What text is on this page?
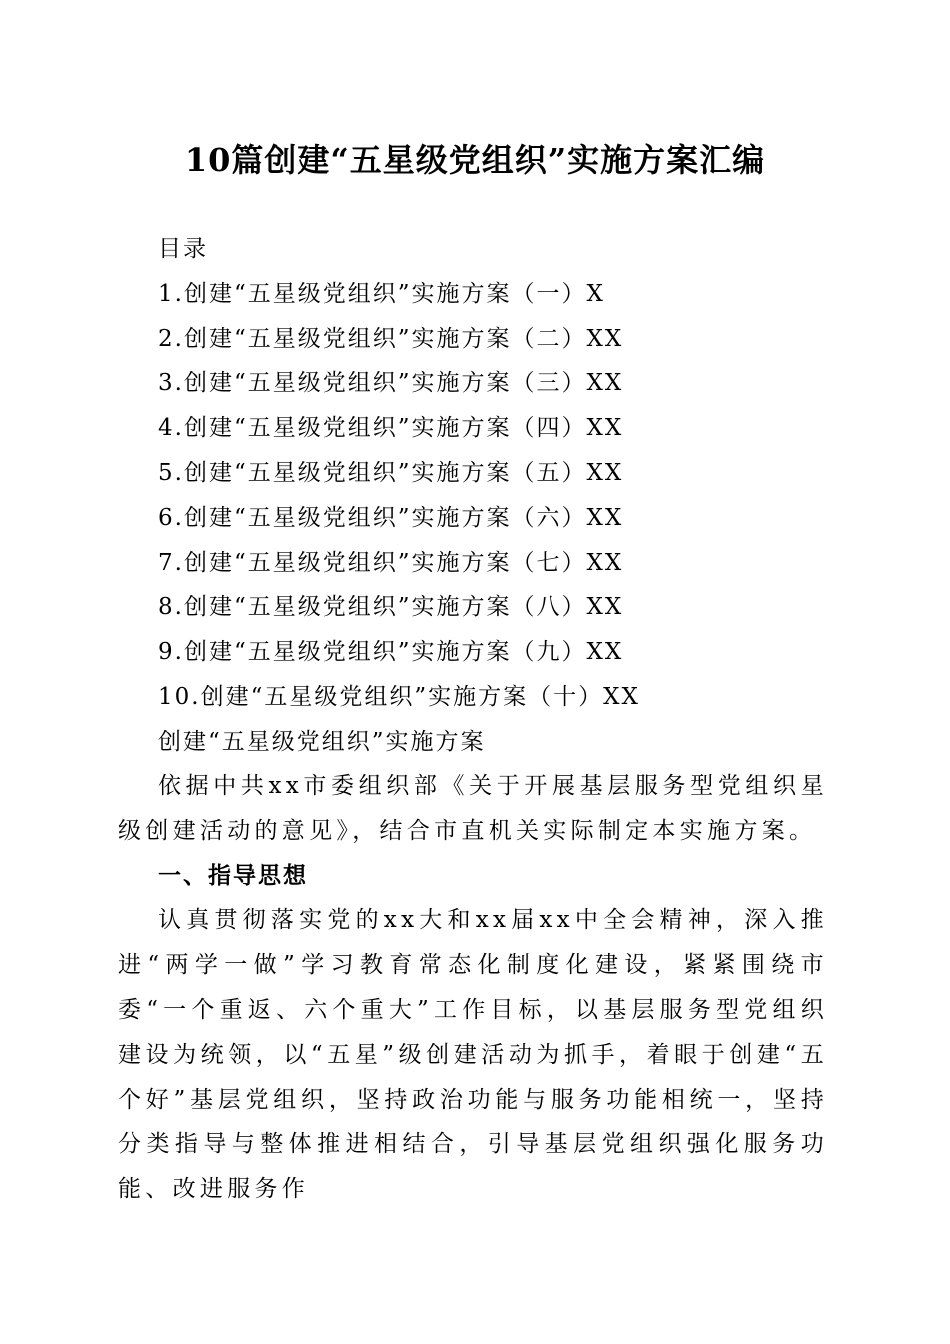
10篇创建“五星级党组织”实施方案汇编
目录
1.创建“五星级党组织”实施方案（一）X
2.创建“五星级党组织”实施方案（二）XX
3.创建“五星级党组织”实施方案（三）XX
4.创建“五星级党组织”实施方案（四）XX
5.创建“五星级党组织”实施方案（五）XX
6.创建“五星级党组织”实施方案（六）XX
7.创建“五星级党组织”实施方案（七）XX
8.创建“五星级党组织”实施方案（八）XX
9.创建“五星级党组织”实施方案（九）XX
10.创建“五星级党组织”实施方案（十）XX
创建“五星级党组织”实施方案

依据中共xx市委组织部《关于开展基层服务型党组织星级创建活动的意见》，结合市直机关实际制定本实施方案。

一、指导思想

认真贯彻落实党的xx大和xx届xx中全会精神，深入推进“两学一做”学习教育常态化制度化建设，紧紧围绕市委“一个重返、六个重大”工作目标，以基层服务型党组织建设为统领，以“五星”级创建活动为抓手，着眼于创建“五个好”基层党组织，坚持政治功能与服务功能相统一，坚持分类指导与整体推进相结合，引导基层党组织强化服务功能、改进服务作
